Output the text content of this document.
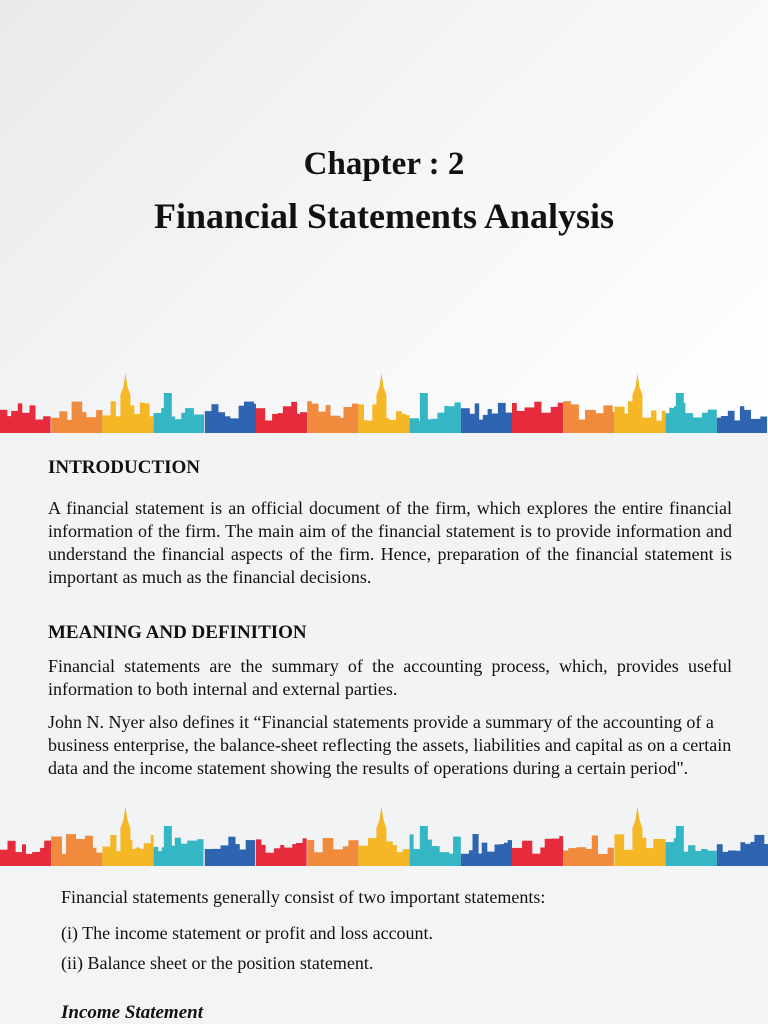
Chapter : 2
Financial Statements Analysis
INTRODUCTION

A financial statement is an official document of the firm, which explores the entire financial information of the firm. The main aim of the financial statement is to provide information and understand the financial aspects of the firm. Hence, preparation of the financial statement is important as much as the financial decisions.

MEANING AND DEFINITION

Financial statements are the summary of the accounting process, which, provides useful information to both internal and external parties.

John N. Nyer also defines it “Financial statements provide a summary of the accounting of a business enterprise, the balance-sheet reflecting the assets, liabilities and capital as on a certain data and the income statement showing the results of operations during a certain period".

Financial statements generally consist of two important statements:

(i) The income statement or profit and loss account.

(ii) Balance sheet or the position statement.

Income Statement
